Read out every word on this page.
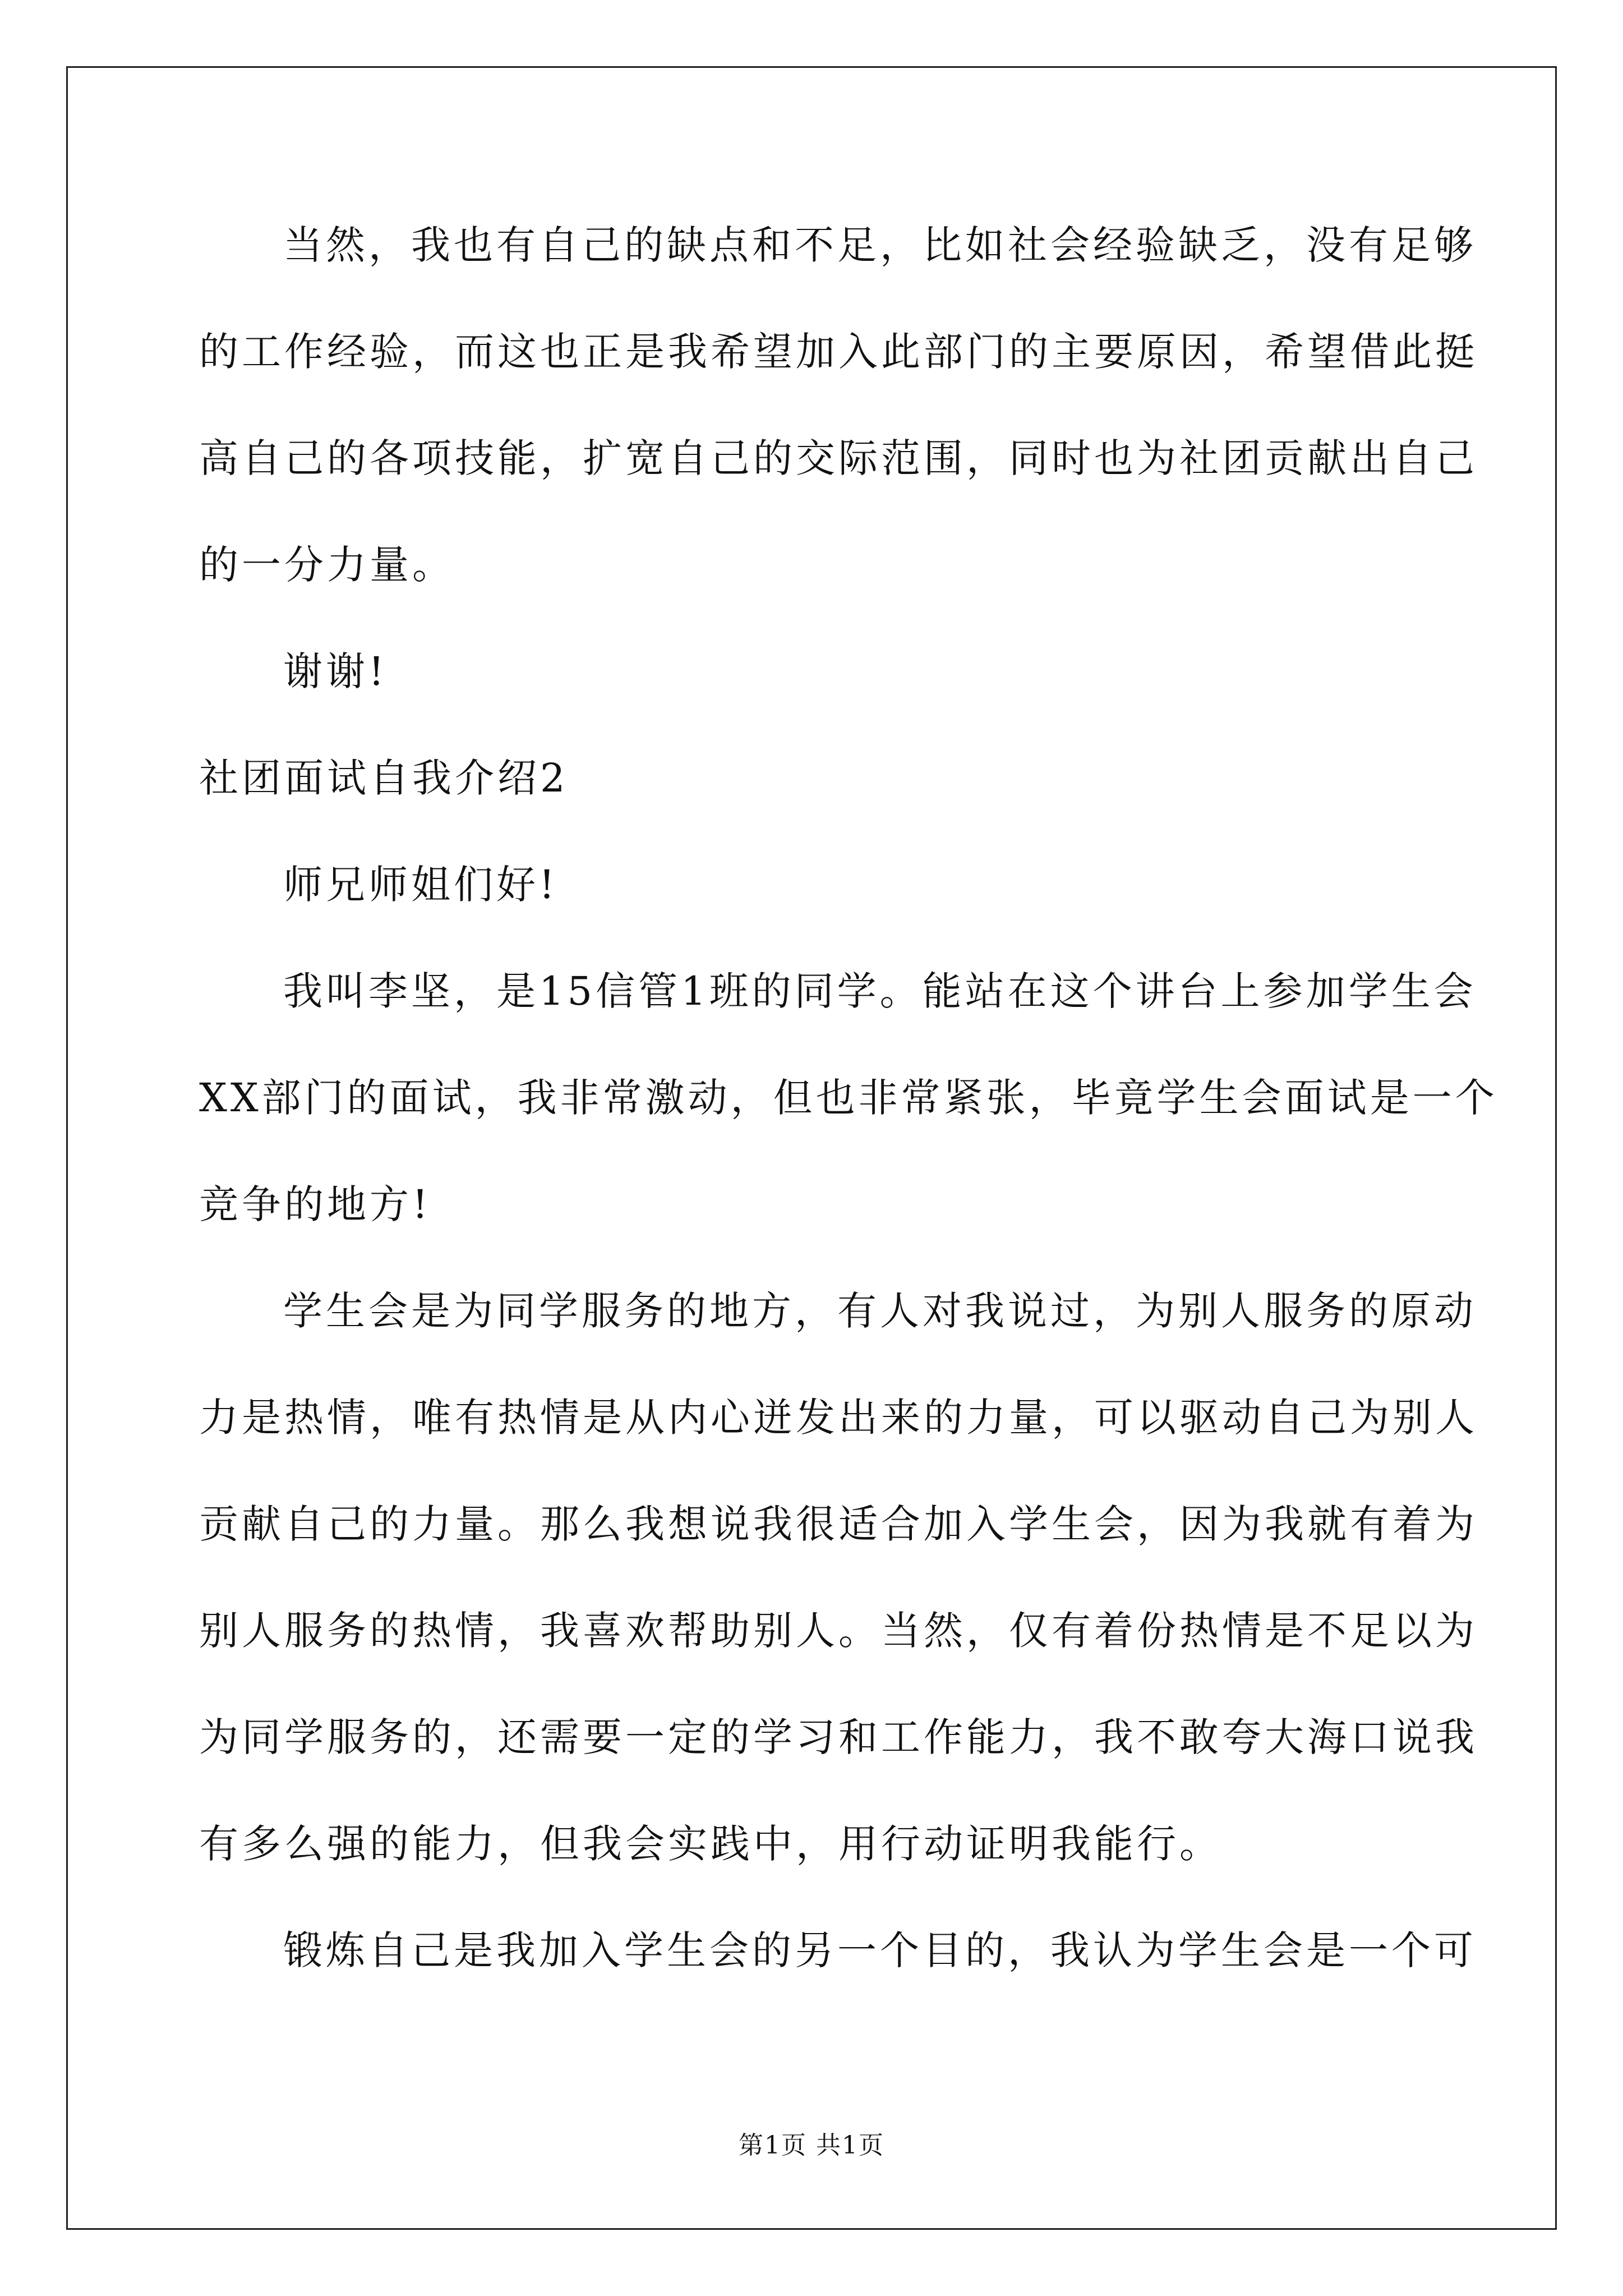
当然，我也有自己的缺点和不足，比如社会经验缺乏，没有足够

的工作经验，而这也正是我希望加入此部门的主要原因，希望借此挺

高自己的各项技能，扩宽自己的交际范围，同时也为社团贡献出自己

的一分力量。

谢谢!

社团面试自我介绍2

师兄师姐们好!

我叫李坚，是15信管1班的同学。能站在这个讲台上参加学生会

XX部门的面试，我非常激动，但也非常紧张，毕竟学生会面试是一个

竞争的地方!

学生会是为同学服务的地方，有人对我说过，为别人服务的原动

力是热情，唯有热情是从内心迸发出来的力量，可以驱动自己为别人

贡献自己的力量。那么我想说我很适合加入学生会，因为我就有着为

别人服务的热情，我喜欢帮助别人。当然，仅有着份热情是不足以为

为同学服务的，还需要一定的学习和工作能力，我不敢夸大海口说我

有多么强的能力，但我会实践中，用行动证明我能行。

锻炼自己是我加入学生会的另一个目的，我认为学生会是一个可

第1页 共1页
